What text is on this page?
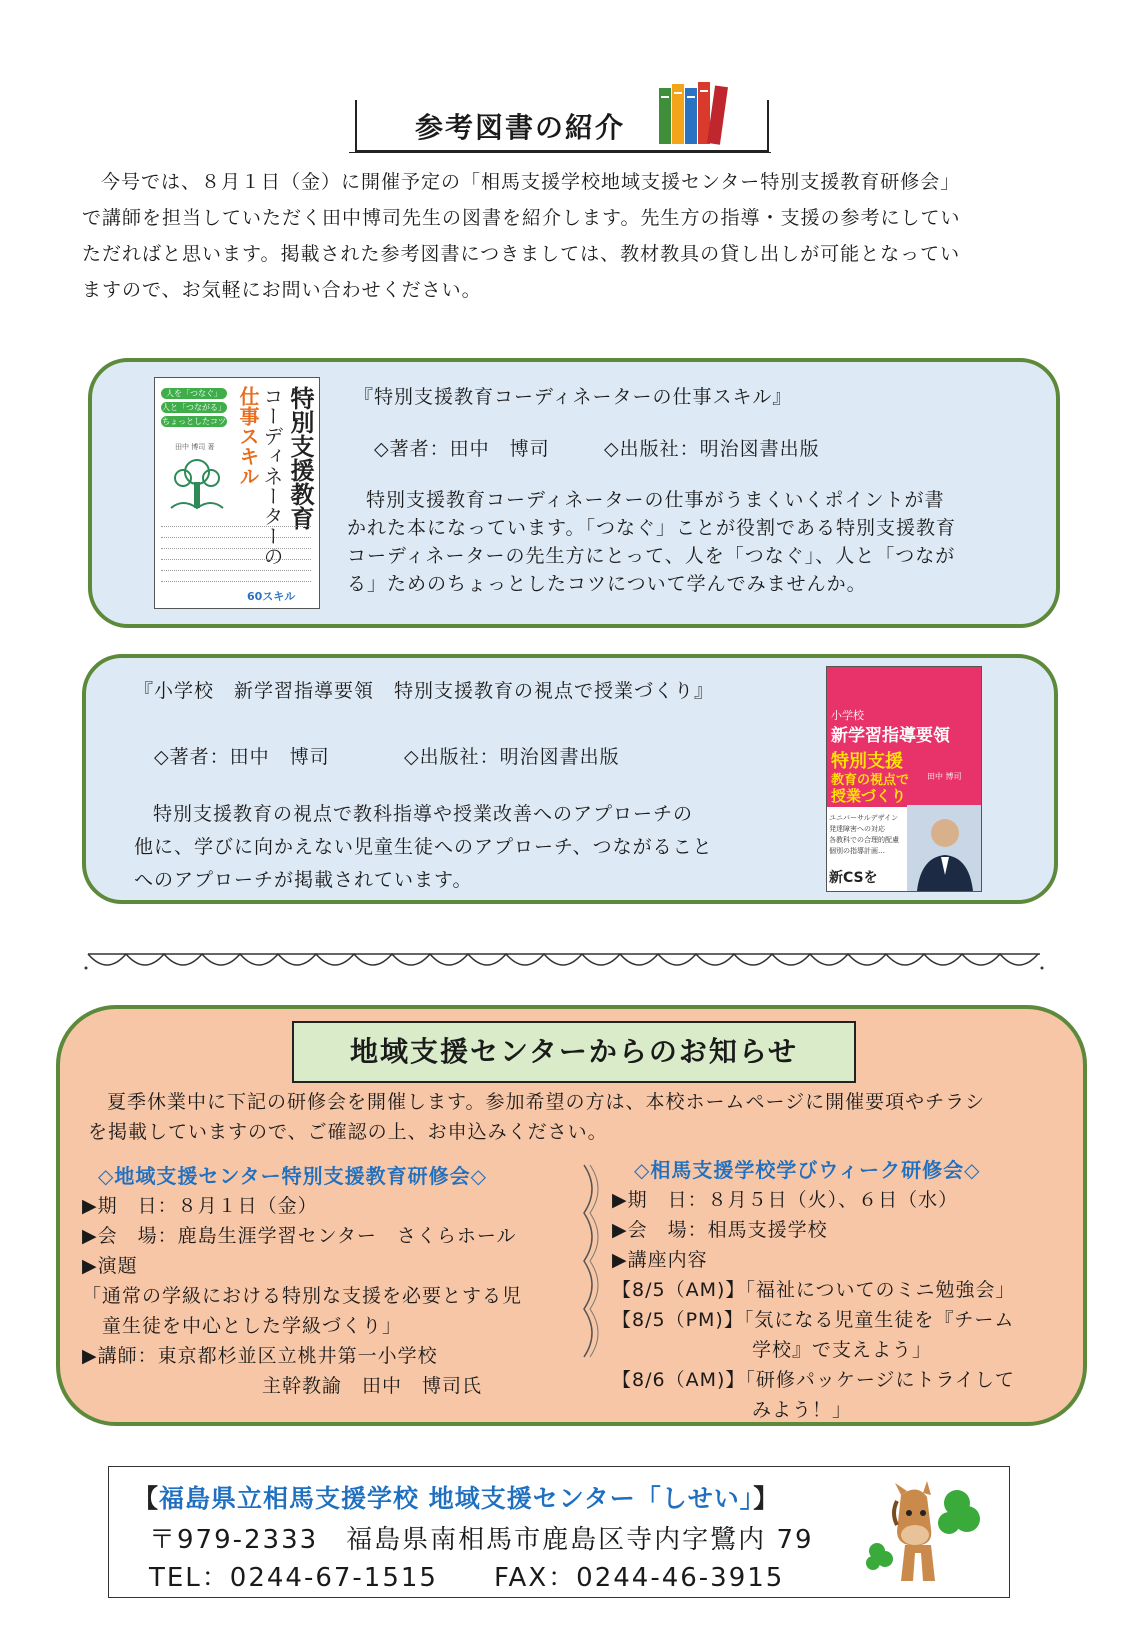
参考図書の紹介
今号では、８月１日（金）に開催予定の「相馬支援学校地域支援センター特別支援教育研修会」
で講師を担当していただく田中博司先生の図書を紹介します。先生方の指導・支援の参考にしてい
ただればと思います。掲載された参考図書につきましては、教材教具の貸し出しが可能となってい
ますので、お気軽にお問い合わせください。
特別支援教育
コーディネーターの
仕事スキル
人を「つなぐ」
人と「つながる」
ちょっとしたコツ
田中 博司 著

60スキル
『特別支援教育コーディネーターの仕事スキル』
◇著者：田中　博司	◇出版社：明治図書出版
特別支援教育コーディネーターの仕事がうまくいくポイントが書
かれた本になっています。「つなぐ」ことが役割である特別支援教育
コーディネーターの先生方にとって、人を「つなぐ」、人と「つなが
る」ためのちょっとしたコツについて学んでみませんか。
『小学校　新学習指導要領　特別支援教育の視点で授業づくり』
◇著者：田中　博司	◇出版社：明治図書出版
特別支援教育の視点で教科指導や授業改善へのアプローチの
他に、学びに向かえない児童生徒へのアプローチ、つながること
へのアプローチが掲載されています。
小学校
新学習指導要領
特別支援
教育の視点で
授業づくり
田中 博司
ユニバーサルデザイン
発達障害への対応
各教科での合理的配慮
個別の指導計画…
新CSを
地域支援センターからのお知らせ
夏季休業中に下記の研修会を開催します。参加希望の方は、本校ホームページに開催要項やチラシ
を掲載していますので、ご確認の上、お申込みください。
◇地域支援センター特別支援教育研修会◇
▶期　日：８月１日（金）
▶会　場：鹿島生涯学習センター　さくらホール
▶演題
「通常の学級における特別な支援を必要とする児
　童生徒を中心とした学級づくり」
▶講師：東京都杉並区立桃井第一小学校
　　　　　　　　　主幹教諭　田中　博司氏
◇相馬支援学校学びウィーク研修会◇
▶期　日：８月５日（火）、６日（水）
▶会　場：相馬支援学校
▶講座内容
【8/5（AM)】「福祉についてのミニ勉強会」
【8/5（PM)】「気になる児童生徒を『チーム
　　　　　　　学校』で支えよう」
【8/6（AM)】「研修パッケージにトライして
　　　　　　　みよう！」
【福島県立相馬支援学校 地域支援センター「しせい」】
〒979-2333　福島県南相馬市鹿島区寺内字鷺内 79
TEL：0244-67-1515 FAX：0244-46-3915
